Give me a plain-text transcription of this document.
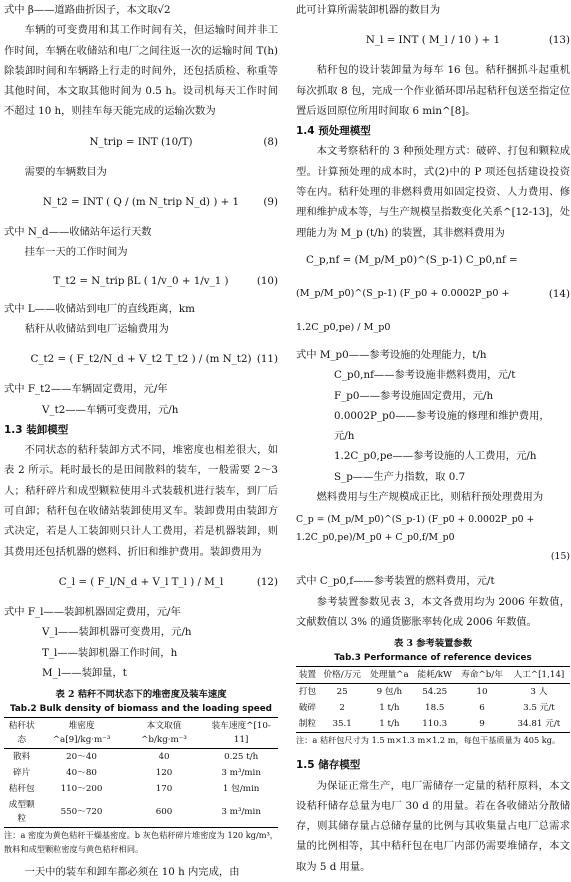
式中 β——道路曲折因子，本文取√2

车辆的可变费用和其工作时间有关，但运输时间并非工作时间，车辆在收储站和电厂之间往返一次的运输时间 T(h)除装卸时间和车辆路上行走的时间外，还包括质检、称重等其他时间，本文取其他时间为 0.5 h。设司机每天工作时间不超过 10 h，则挂车每天能完成的运输次数为

N_trip = INT (10/T)	(8)

需要的车辆数目为

N_t2 = INT ( Q / (m N_trip N_d) ) + 1 (9)
式中 N_d——收储站年运行天数

挂车一天的工作时间为

T_t2 = N_trip βL ( 1/v_0 + 1/v_1 )	(10)
式中 L——收储站到电厂的直线距离，km

秸秆从收储站到电厂运输费用为

C_t2 = ( F_t2/N_d + V_t2 T_t2 ) / (m N_t2) (11)
式中 F_t2——车辆固定费用，元/年
V_t2——车辆可变费用，元/h
1.3 装卸模型

不同状态的秸秆装卸方式不同，堆密度也相差很大，如表 2 所示。耗时最长的是田间散料的装车，一般需要 2～3 人；秸秆碎片和成型颗粒使用斗式装载机进行装车，到厂后可自卸；秸秆包在收储站装卸使用叉车。装卸费用由装卸方式决定，若是人工装卸则只计人工费用，若是机器装卸，则其费用还包括机器的燃料、折旧和维护费用。装卸费用为

C_l = ( F_l/N_d + V_l T_l ) / M_l	(12)
式中 F_l——装卸机器固定费用，元/年
V_l——装卸机器可变费用，元/h
T_l——装卸机器工作时间，h
M_l——装卸量，t
表 2 秸秆不同状态下的堆密度及装车速度
Tab.2 Bulk density of biomass and the loading speed
秸秆状态	堆密度^a[9]/kg·m⁻³	本文取值^b/kg·m⁻³	装车速度^[10-11]
散料	20～40	40	0.25 t/h
碎片	40～80	120	3 m³/min
秸秆包	110～200	170	1 包/min
成型颗粒	550～720	600	3 m³/min
注：a 密度为黄色秸秆干燥基密度。b 灰色秸秆碎片堆密度为 120 kg/m³，散料和成型颗粒密度与黄色秸秆相同。

一天中的装车和卸车都必须在 10 h 内完成，由

此可计算所需装卸机器的数目为
N_l = INT ( M_l / 10 ) + 1	(13)

秸秆包的设计装卸量为每车 16 包。秸秆捆抓斗起重机每次抓取 8 包，完成一个作业循环即吊起秸秆包送至指定位置后返回原位所用时间取 6 min^[8]。

1.4 预处理模型

本文考察秸秆的 3 种预处理方式：破碎、打包和颗粒成型。计算预处理的成本时，式(2)中的 P 项还包括建设投资等在内。秸秆处理的非燃料费用如固定投资、人力费用、修理和维护成本等，与生产规模呈指数变化关系^[12-13]，处理能力为 M_p (t/h) 的装置，其非燃料费用为

C_p,nf = (M_p/M_p0)^(S_p-1) C_p0,nf =
(M_p/M_p0)^(S_p-1) (F_p0 + 0.0002P_p0 + 1.2C_p0,pe) / M_p0
(14)
式中 M_p0——参考设施的处理能力，t/h
C_p0,nf——参考设施非燃料费用，元/t
F_p0——参考设施固定费用，元/h
0.0002P_p0——参考设施的修理和维护费用，元/h
1.2C_p0,pe——参考设施的人工费用，元/h
S_p——生产力指数，取 0.7

燃料费用与生产规模成正比，则秸秆预处理费用为

C_p = (M_p/M_p0)^(S_p-1) (F_p0 + 0.0002P_p0 + 1.2C_p0,pe)/M_p0 + C_p0,f/M_p0
(15)
式中 C_p0,f——参考装置的燃料费用，元/t

参考装置参数见表 3，本文各费用均为 2006 年数值，文献数值以 3% 的通货膨胀率转化成 2006 年数值。

表 3 参考装置参数
Tab.3 Performance of reference devices
装置	价格/万元	处理量^a	能耗/kW	寿命^b/年	人工^[1,14]
打包	25	9 包/h	54.25	10	3 人
破碎	2	1 t/h	18.5	6	3.5 元/t
制粒	35.1	1 t/h	110.3	9	34.81 元/t
注：a 秸秆包尺寸为 1.5 m×1.3 m×1.2 m，每包干基质量为 405 kg。
1.5 储存模型

为保证正常生产，电厂需储存一定量的秸秆原料，本文设秸秆储存总量为电厂 30 d 的用量。若在各收储站分散储存，则其储存量占总储存量的比例与其收集量占电厂总需求量的比例相等，其中秸秆包在电厂内部仍需要堆储存，本文取为 5 d 用量。
